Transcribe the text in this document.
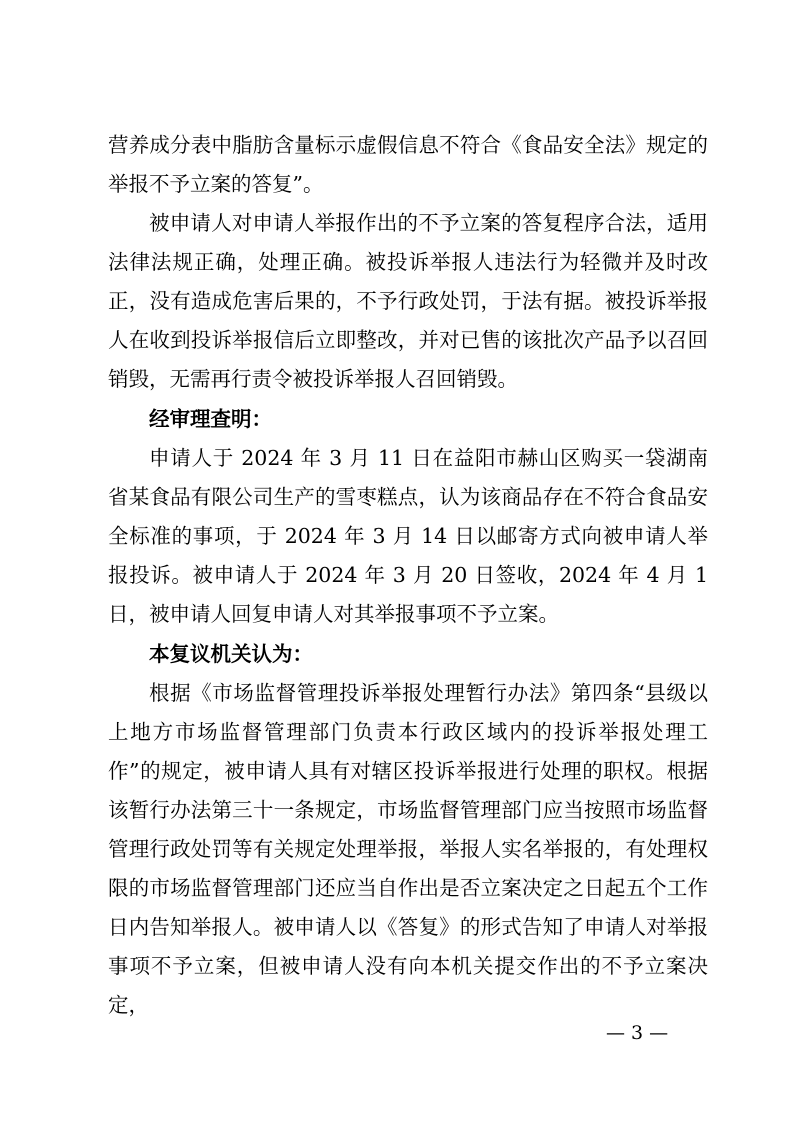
营养成分表中脂肪含量标示虚假信息不符合《食品安全法》规定的举报不予立案的答复”。

被申请人对申请人举报作出的不予立案的答复程序合法，适用法律法规正确，处理正确。被投诉举报人违法行为轻微并及时改正，没有造成危害后果的，不予行政处罚，于法有据。被投诉举报人在收到投诉举报信后立即整改，并对已售的该批次产品予以召回销毁，无需再行责令被投诉举报人召回销毁。

经审理查明：

申请人于 2024 年 3 月 11 日在益阳市赫山区购买一袋湖南省某食品有限公司生产的雪枣糕点，认为该商品存在不符合食品安全标准的事项，于 2024 年 3 月 14 日以邮寄方式向被申请人举报投诉。被申请人于 2024 年 3 月 20 日签收，2024 年 4 月 1 日，被申请人回复申请人对其举报事项不予立案。

本复议机关认为：

根据《市场监督管理投诉举报处理暂行办法》第四条“县级以上地方市场监督管理部门负责本行政区域内的投诉举报处理工作”的规定，被申请人具有对辖区投诉举报进行处理的职权。根据该暂行办法第三十一条规定，市场监督管理部门应当按照市场监督管理行政处罚等有关规定处理举报，举报人实名举报的，有处理权限的市场监督管理部门还应当自作出是否立案决定之日起五个工作日内告知举报人。被申请人以《答复》的形式告知了申请人对举报事项不予立案，但被申请人没有向本机关提交作出的不予立案决定，

— 3 —
